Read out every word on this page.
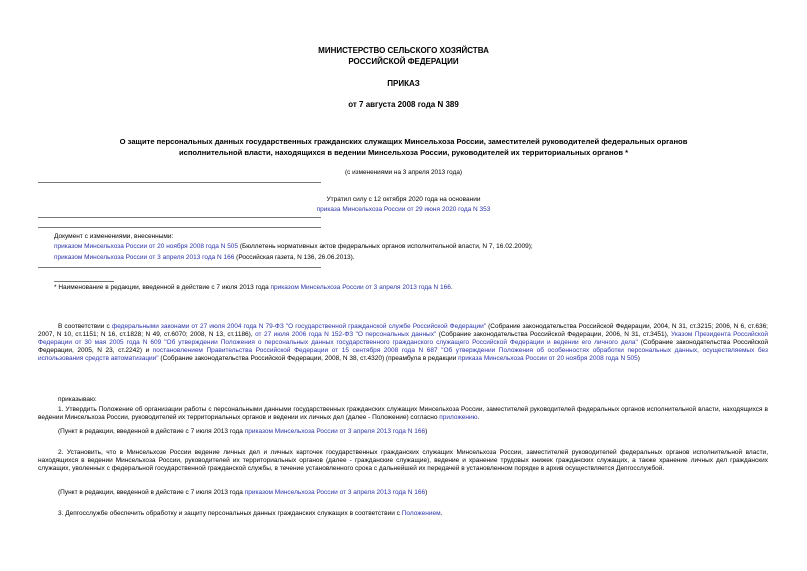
МИНИСТЕРСТВО СЕЛЬСКОГО ХОЗЯЙСТВА
РОССИЙСКОЙ ФЕДЕРАЦИИ
ПРИКАЗ
от 7 августа 2008 года N 389
О защите персональных данных государственных гражданских служащих Минсельхоза России, заместителей руководителей федеральных органов
исполнительной власти, находящихся в ведении Минсельхоза России, руководителей их территориальных органов *
(с изменениями на 3 апреля 2013 года)
Утратил силу с 12 октября 2020 года на основании
приказа Минсельхоза России от 29 июня 2020 года N 353
Документ с изменениями, внесенными:
приказом Минсельхоза России от 20 ноября 2008 года N 505 (Бюллетень нормативных актов федеральных органов исполнительной власти, N 7, 16.02.2009);
приказом Минсельхоза России от 3 апреля 2013 года N 166 (Российская газета, N 136, 26.06.2013).
* Наименование в редакции, введенной в действие с 7 июля 2013 года приказом Минсельхоза России от 3 апреля 2013 года N 166.
В соответствии с федеральными законами от 27 июля 2004 года N 79-ФЗ "О государственной гражданской службе Российской Федерации" (Собрание законодательства Российской Федерации, 2004, N 31, ст.3215; 2006, N 6, ст.636; 2007, N 10, ст.1151; N 16, ст.1828; N 49, ст.6070; 2008, N 13, ст.1186), от 27 июля 2006 года N 152-ФЗ "О персональных данных" (Собрание законодательства Российской Федерации, 2006, N 31, ст.3451), Указом Президента Российской Федерации от 30 мая 2005 года N 609 "Об утверждении Положения о персональных данных государственного гражданского служащего Российской Федерации и ведении его личного дела" (Собрание законодательства Российской Федерации, 2005, N 23, ст.2242) и постановлением Правительства Российской Федерации от 15 сентября 2008 года N 687 "Об утверждении Положения об особенностях обработки персональных данных, осуществляемых без использования средств автоматизации" (Собрание законодательства Российской Федерации, 2008, N 38, ст.4320) (преамбула в редакции приказа Минсельхоза России от 20 ноября 2008 года N 505)
приказываю:
1. Утвердить Положение об организации работы с персональными данными государственных гражданских служащих Минсельхоза России, заместителей руководителей федеральных органов исполнительной власти, находящихся в ведении Минсельхоза России, руководителей их территориальных органов и ведении их личных дел (далее - Положение) согласно приложению.
(Пункт в редакции, введенной в действие с 7 июля 2013 года приказом Минсельхоза России от 3 апреля 2013 года N 166)
2. Установить, что в Минсельхозе России ведение личных дел и личных карточек государственных гражданских служащих Минсельхоза России, заместителей руководителей федеральных органов исполнительной власти, находящихся в ведении Минсельхоза России, руководителей их территориальных органов (далее - гражданские служащие), ведение и хранение трудовых книжек гражданских служащих, а также хранение личных дел гражданских служащих, уволенных с федеральной государственной гражданской службы, в течение установленного срока с дальнейшей их передачей в установленном порядке в архив осуществляется Депгоcслужбой.
(Пункт в редакции, введенной в действие с 7 июля 2013 года приказом Минсельхоза России от 3 апреля 2013 года N 166)
3. Депгоcслужбе обеспечить обработку и защиту персональных данных гражданских служащих в соответствии с Положением.
